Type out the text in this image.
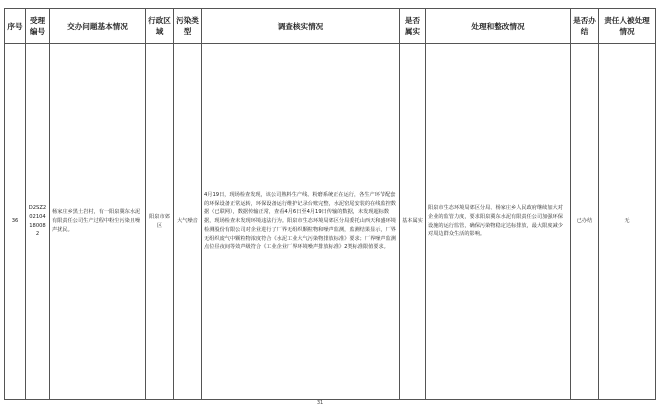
序号	受理编号	交办问题基本情况	行政区域	污染类型	调查核实情况	是否属实	处理和整改情况	是否办结	责任人被处理情况
36	D2SZ202104180082	杨家庄乡黑土岩村，有一阳泉冀东水泥有限责任公司生产过程中粉尘污染且噪声扰民。	阳泉市郊区	大气噪音	4月19日，现场检查发现，该公司熟料生产线、粉磨系统正在运行，各生产环节配套的环保设备正常运转，环保设备运行维护记录台账完整，水泥窑尾安装的在线监控数据（已联网），数据传输正常，查看4月6日至4月19日传输的数据，未发现超标数据，现场检查未发现环境违法行为。阳泉市生态环境局郊区分局委托山西天和盛环境检测股份有限公司对企业进行了厂界无组织颗粒物和噪声监测，监测结果显示，厂界无组织废气中颗粒物浓度符合《水泥工业大气污染物排放标准》要求；厂界噪声监测点位昼夜间等效声级符合《工业企业厂界环境噪声排放标准》2类标准限值要求。	基本属实	阳泉市生态环境局郊区分局、杨家庄乡人民政府继续加大对企业的监管力度，要求阳泉冀东水泥有限责任公司加强环保设施的运行监管，确保污染物稳定达标排放，最大限度减少对周边群众生活的影响。	已办结	无
31
